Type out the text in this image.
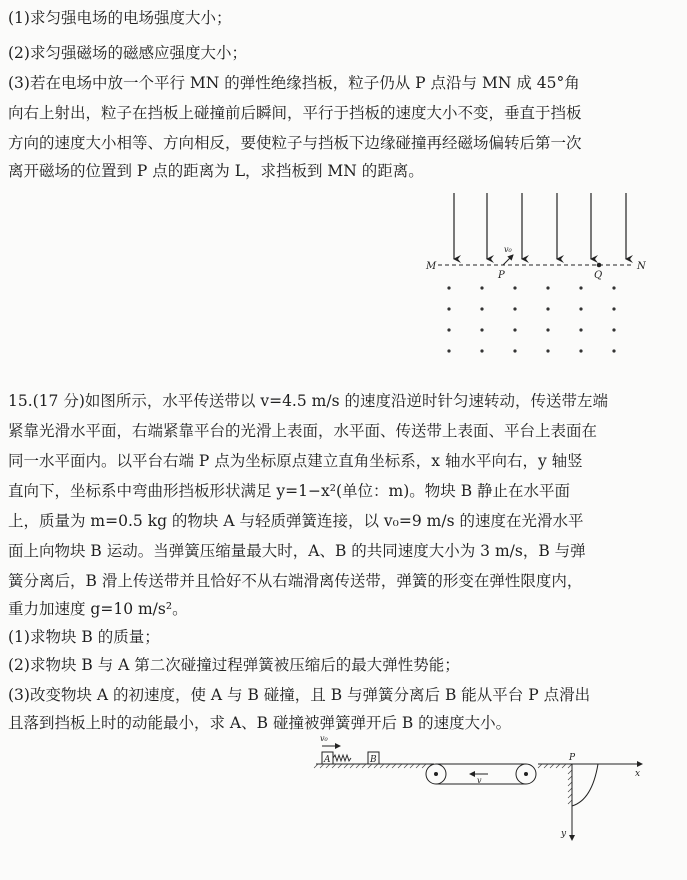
(1)求匀强电场的电场强度大小；
(2)求匀强磁场的磁感应强度大小；
(3)若在电场中放一个平行 MN 的弹性绝缘挡板，粒子仍从 P 点沿与 MN 成 45°角
向右上射出，粒子在挡板上碰撞前后瞬间，平行于挡板的速度大小不变，垂直于挡板
方向的速度大小相等、方向相反，要使粒子与挡板下边缘碰撞再经磁场偏转后第一次
离开磁场的位置到 P 点的距离为 L，求挡板到 MN 的距离。
M	N
v₀
P	Q
15.(17 分)如图所示，水平传送带以 v=4.5 m/s 的速度沿逆时针匀速转动，传送带左端
紧靠光滑水平面，右端紧靠平台的光滑上表面，水平面、传送带上表面、平台上表面在
同一水平面内。以平台右端 P 点为坐标原点建立直角坐标系，x 轴水平向右，y 轴竖
直向下，坐标系中弯曲形挡板形状满足 y=1−x²(单位：m)。物块 B 静止在水平面
上，质量为 m=0.5 kg 的物块 A 与轻质弹簧连接，以 v₀=9 m/s 的速度在光滑水平
面上向物块 B 运动。当弹簧压缩量最大时，A、B 的共同速度大小为 3 m/s，B 与弹
簧分离后，B 滑上传送带并且恰好不从右端滑离传送带，弹簧的形变在弹性限度内，
重力加速度 g=10 m/s²。
(1)求物块 B 的质量；
(2)求物块 B 与 A 第二次碰撞过程弹簧被压缩后的最大弹性势能；
(3)改变物块 A 的初速度，使 A 与 B 碰撞，且 B 与弹簧分离后 B 能从平台 P 点滑出
且落到挡板上时的动能最小，求 A、B 碰撞被弹簧弹开后 B 的速度大小。
v₀
A	B
v
x
y
P
